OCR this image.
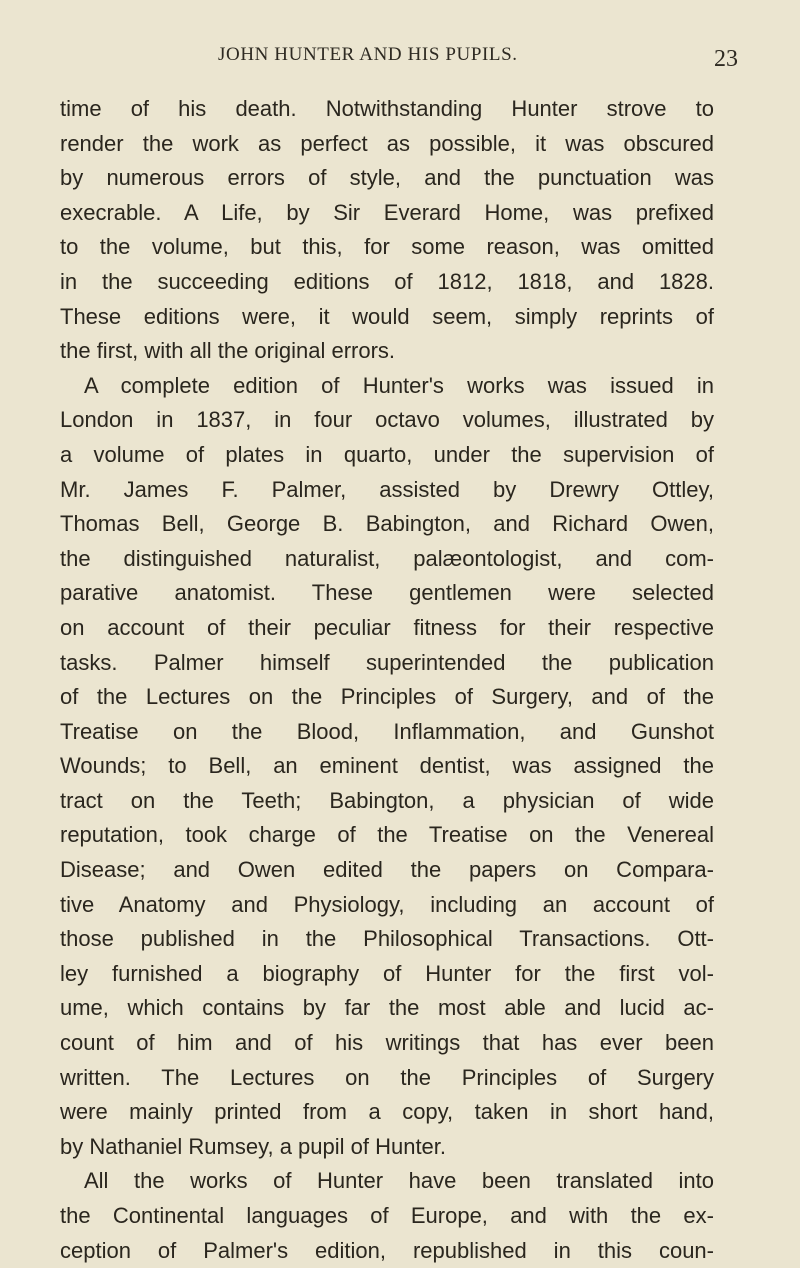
JOHN HUNTER AND HIS PUPILS.	23
time of his death. Notwithstanding Hunter strove to
render the work as perfect as possible, it was obscured
by numerous errors of style, and the punctuation was
execrable. A Life, by Sir Everard Home, was prefixed
to the volume, but this, for some reason, was omitted
in the succeeding editions of 1812, 1818, and 1828.
These editions were, it would seem, simply reprints of
the first, with all the original errors.
A complete edition of Hunter's works was issued in
London in 1837, in four octavo volumes, illustrated by
a volume of plates in quarto, under the supervision of
Mr. James F. Palmer, assisted by Drewry Ottley,
Thomas Bell, George B. Babington, and Richard Owen,
the distinguished naturalist, palæontologist, and com-
parative anatomist. These gentlemen were selected
on account of their peculiar fitness for their respective
tasks. Palmer himself superintended the publication
of the Lectures on the Principles of Surgery, and of the
Treatise on the Blood, Inflammation, and Gunshot
Wounds; to Bell, an eminent dentist, was assigned the
tract on the Teeth; Babington, a physician of wide
reputation, took charge of the Treatise on the Venereal
Disease; and Owen edited the papers on Compara-
tive Anatomy and Physiology, including an account of
those published in the Philosophical Transactions. Ott-
ley furnished a biography of Hunter for the first vol-
ume, which contains by far the most able and lucid ac-
count of him and of his writings that has ever been
written. The Lectures on the Principles of Surgery
were mainly printed from a copy, taken in short hand,
by Nathaniel Rumsey, a pupil of Hunter.
All the works of Hunter have been translated into
the Continental languages of Europe, and with the ex-
ception of Palmer's edition, republished in this coun-
